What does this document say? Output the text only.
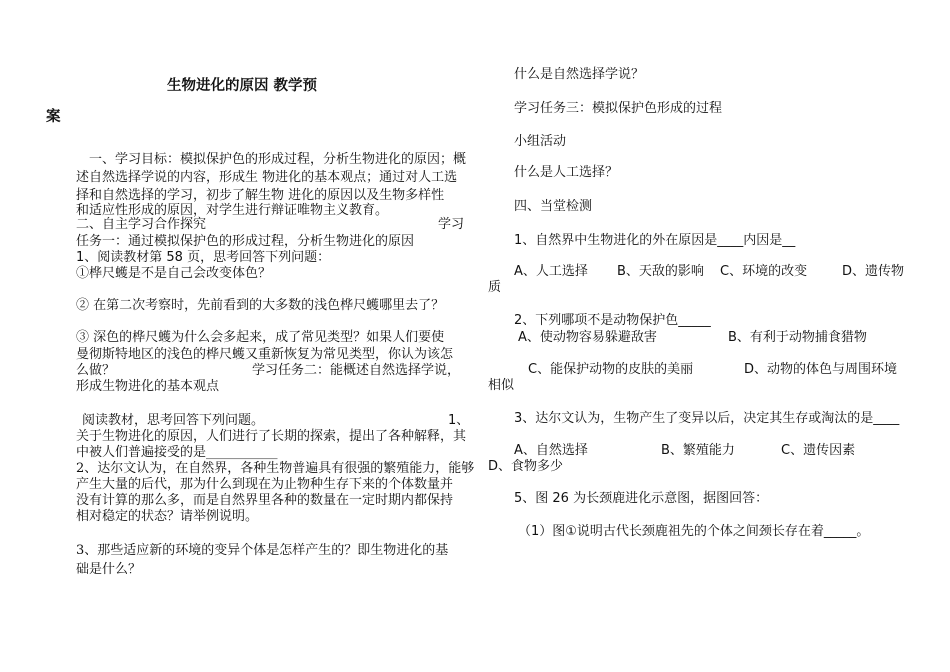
生物进化的原因 教学预
案
一、学习目标：模拟保护色的形成过程，分析生物进化的原因；概
述自然选择学说的内容，形成生 物进化的基本观点；通过对人工选
择和自然选择的学习，初步了解生物 进化的原因以及生物多样性
和适应性形成的原因，对学生进行辩证唯物主义教育。
二、自主学习合作探究	学习
任务一：通过模拟保护色的形成过程，分析生物进化的原因
1、阅读教材第 58 页，思考回答下列问题：
①桦尺蠖是不是自己会改变体色？
② 在第二次考察时，先前看到的大多数的浅色桦尺蠖哪里去了？
③ 深色的桦尺蠖为什么会多起来，成了常见类型？如果人们要使
曼彻斯特地区的浅色的桦尺蠖又重新恢复为常见类型，你认为该怎
么做？	学习任务二：能概述自然选择学说，
形成生物进化的基本观点
阅读教材，思考回答下列问题。	1、
关于生物进化的原因，人们进行了长期的探索，提出了各种解释，其
中被人们普遍接受的是___________
2、达尔文认为，在自然界，各种生物普遍具有很强的繁殖能力，能够
产生大量的后代，那为什么到现在为止物种生存下来的个体数量并
没有计算的那么多，而是自然界里各种的数量在一定时期内都保持
相对稳定的状态？请举例说明。
3、那些适应新的环境的变异个体是怎样产生的？即生物进化的基
础是什么？
什么是自然选择学说？
学习任务三：模拟保护色形成的过程
小组活动
什么是人工选择？
四、当堂检测
1、自然界中生物进化的外在原因是____内因是__
A、人工选择 B、天敌的影响 C、环境的改变	D、遗传物
质
2、下列哪项不是动物保护色_____
A、使动物容易躲避敌害	B、有利于动物捕食猎物
C、能保护动物的皮肤的美丽	D、动物的体色与周围环境
相似
3、达尔文认为，生物产生了变异以后，决定其生存或淘汰的是____
A、自然选择	B、繁殖能力	C、遗传因素
D、食物多少
5、图 26 为长颈鹿进化示意图，据图回答：
（1）图①说明古代长颈鹿祖先的个体之间颈长存在着_____。
